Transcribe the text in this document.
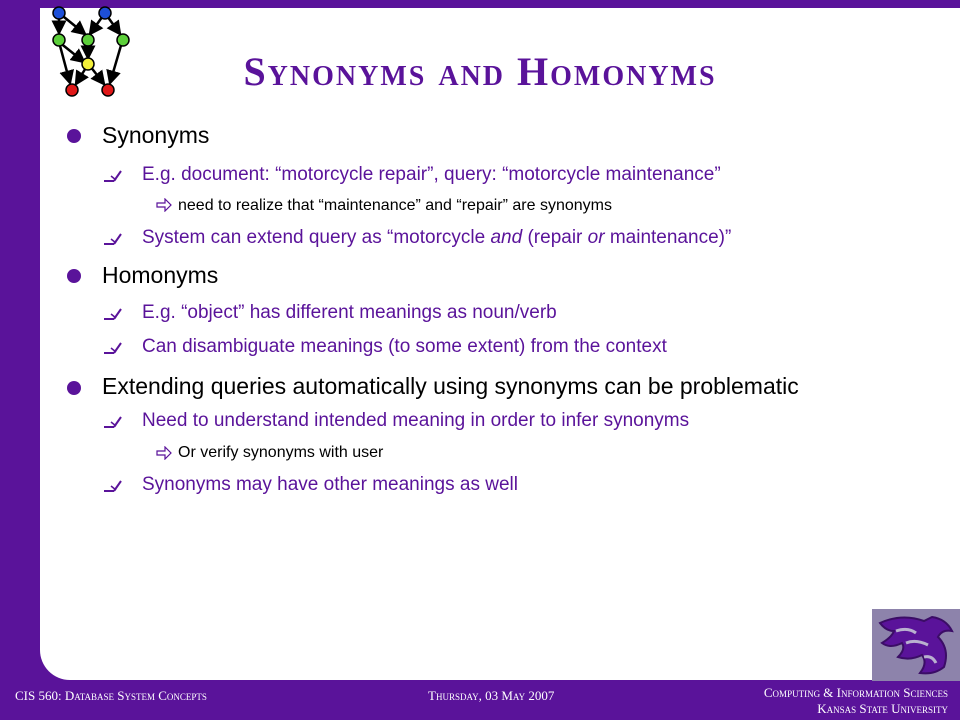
Synonyms and Homonyms
Synonyms
E.g. document: “motorcycle repair”, query: “motorcycle maintenance”
need to realize that “maintenance” and “repair” are synonyms
System can extend query as “motorcycle and (repair or maintenance)”
Homonyms
E.g. “object” has different meanings as noun/verb
Can disambiguate meanings (to some extent) from the context
Extending queries automatically using synonyms can be problematic
Need to understand intended meaning in order to infer synonyms
Or verify synonyms with user
Synonyms may have other meanings as well
CIS 560: Database System Concepts	Thursday, 03 May 2007	Computing & Information Sciences
Kansas State University
